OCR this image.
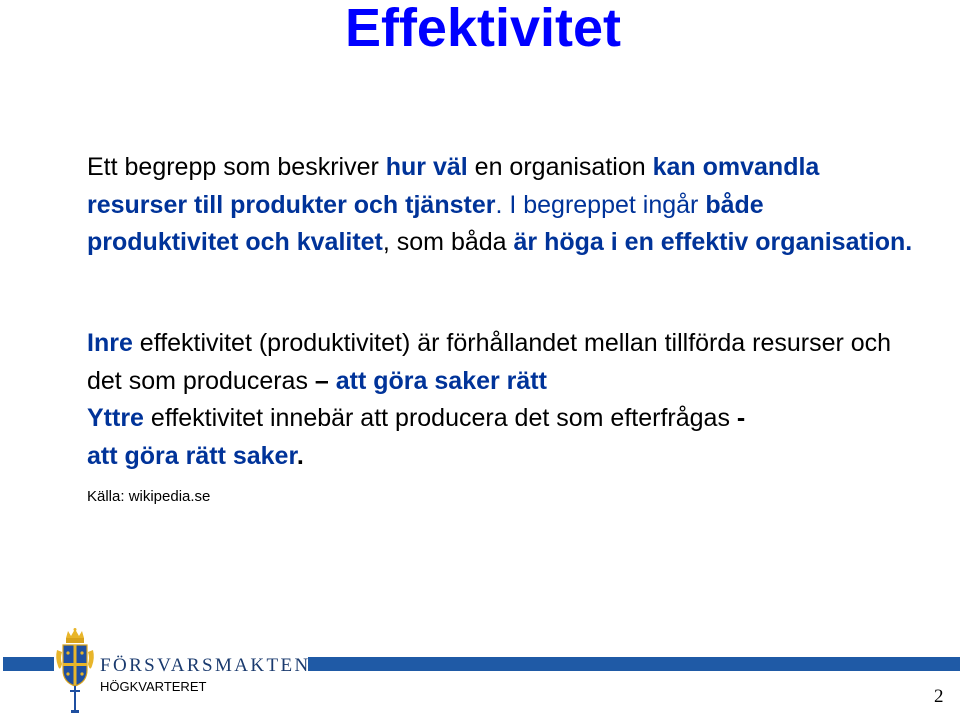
Effektivitet
Ett begrepp som beskriver hur väl en organisation kan omvandla resurser till produkter och tjänster. I begreppet ingår både produktivitet och kvalitet, som båda är höga i en effektiv organisation.
Inre effektivitet (produktivitet) är förhållandet mellan tillförda resurser och det som produceras – att göra saker rätt
Yttre effektivitet innebär att producera det som efterfrågas -
att göra rätt saker.
Källa: wikipedia.se
FÖRSVARSMAKTEN
HÖGKVARTERET	2
